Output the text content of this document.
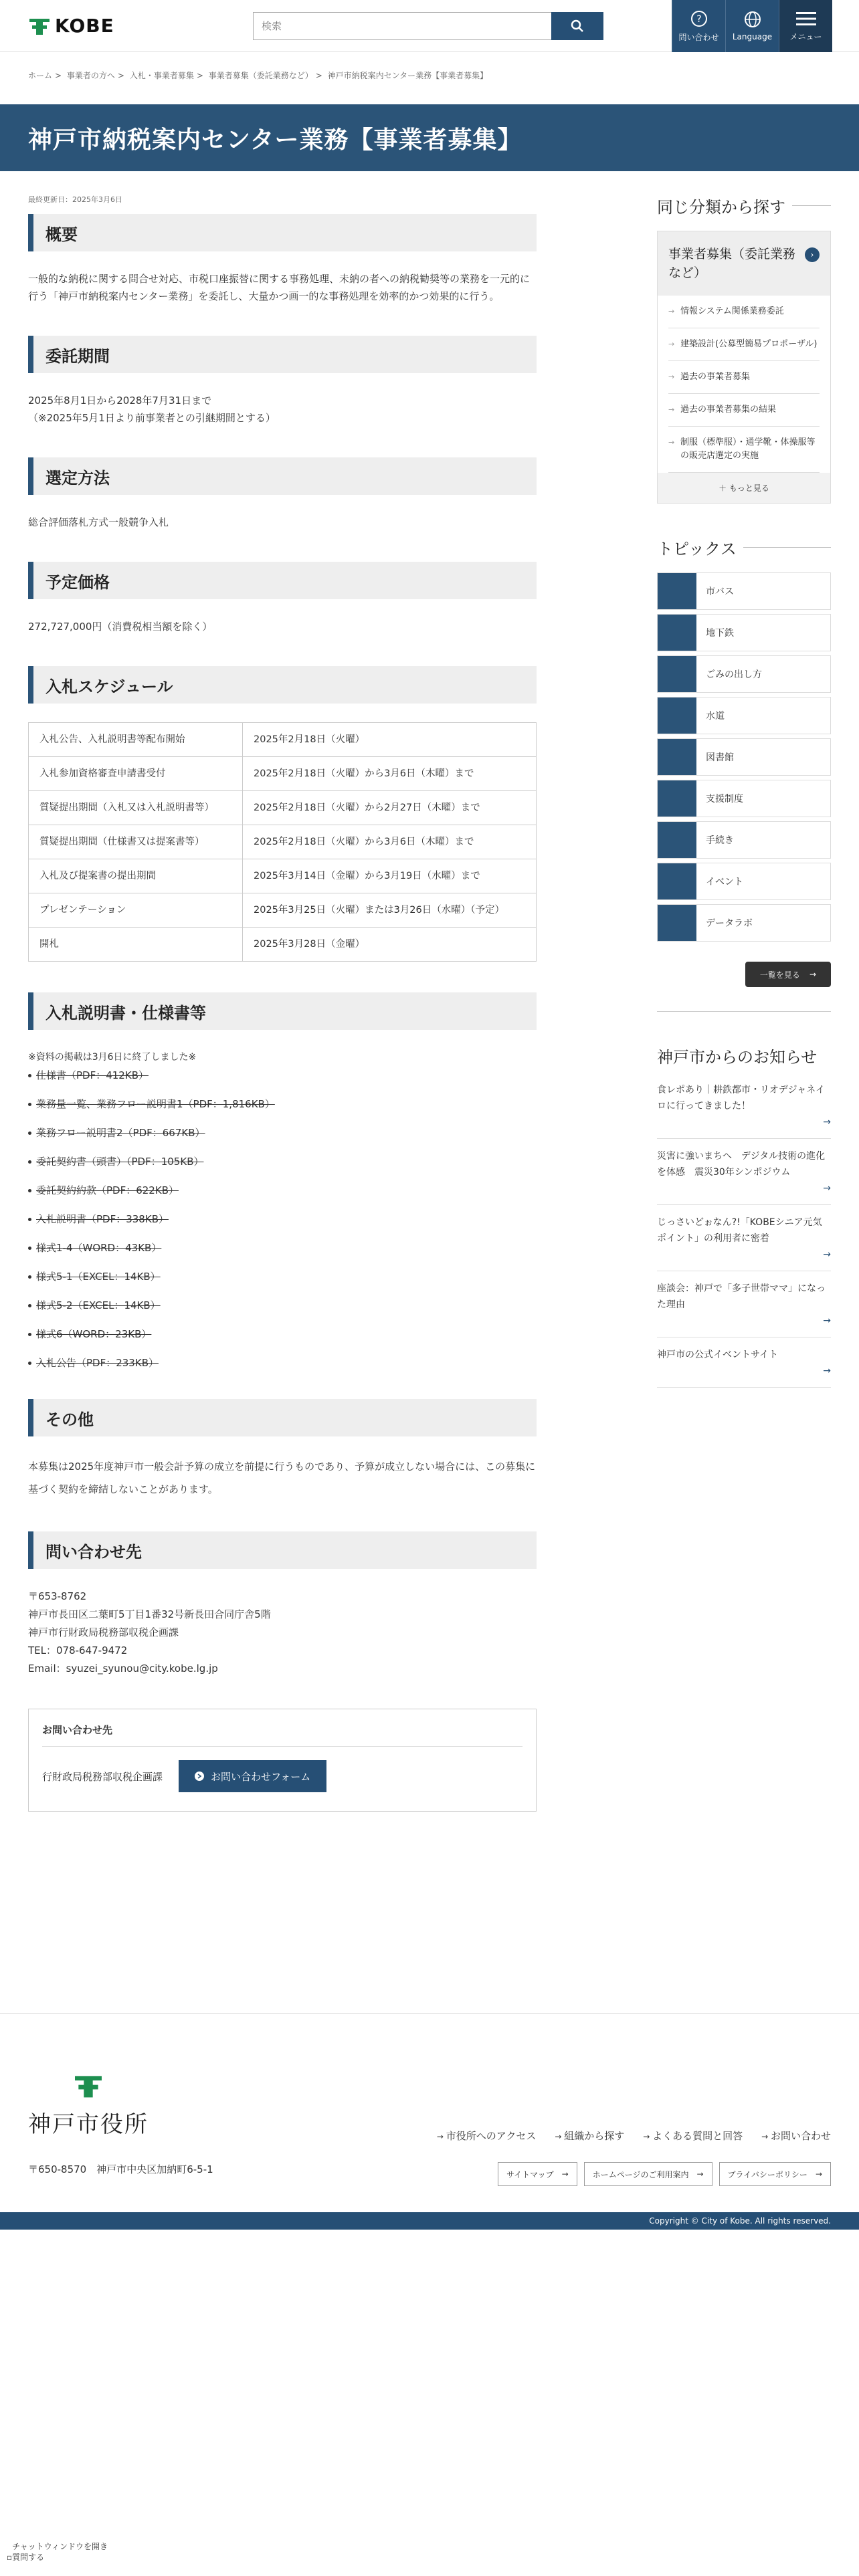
KOBE
検索	?
問い合わせ Language メニュー
ホーム > 事業者の方へ > 入札・事業者募集 > 事業者募集（委託業務など） > 神戸市納税案内センター業務【事業者募集】
神戸市納税案内センター業務【事業者募集】

最終更新日：2025年3月6日

概要

一般的な納税に関する問合せ対応、市税口座振替に関する事務処理、未納の者への納税勧奨等の業務を一元的に行う「神戸市納税案内センター業務」を委託し、大量かつ画一的な事務処理を効率的かつ効果的に行う。

委託期間

2025年8月1日から2028年7月31日まで

（※2025年5月1日より前事業者との引継期間とする）

選定方法

総合評価落札方式一般競争入札

予定価格

272,727,000円（消費税相当額を除く）

入札スケジュール
入札公告、入札説明書等配布開始	2025年2月18日（火曜）
入札参加資格審査申請書受付	2025年2月18日（火曜）から3月6日（木曜）まで
質疑提出期間（入札又は入札説明書等）	2025年2月18日（火曜）から2月27日（木曜）まで
質疑提出期間（仕様書又は提案書等）	2025年2月18日（火曜）から3月6日（木曜）まで
入札及び提案書の提出期間	2025年3月14日（金曜）から3月19日（水曜）まで
プレゼンテーション	2025年3月25日（火曜）または3月26日（水曜）（予定）
開札	2025年3月28日（金曜）
入札説明書・仕様書等

※資料の掲載は3月6日に終了しました※

仕様書（PDF：412KB）
業務量一覧、業務フロー説明書1（PDF：1,816KB）
業務フロー説明書2（PDF：667KB）
委託契約書（頭書）（PDF：105KB）
委託契約約款（PDF：622KB）
入札説明書（PDF：338KB）
様式1-4（WORD：43KB）
様式5-1（EXCEL：14KB）
様式5-2（EXCEL：14KB）
様式6（WORD：23KB）
入札公告（PDF：233KB）
その他

本募集は2025年度神戸市一般会計予算の成立を前提に行うものであり、予算が成立しない場合には、この募集に基づく契約を締結しないことがあります。

問い合わせ先
〒653-8762
神戸市長田区二葉町5丁目1番32号新長田合同庁舎5階
神戸市行財政局税務部収税企画課
TEL：078-647-9472
Email：syuzei_syunou@city.kobe.lg.jp
お問い合わせ先
行財政局税務部収税企画課	お問い合わせフォーム
同じ分類から探す
事業者募集（委託業務など）
›
→ 情報システム関係業務委託
→ 建築設計(公募型簡易プロポーザル)
→ 過去の事業者募集
→ 過去の事業者募集の結果
→ 制服（標準服）・通学靴・体操服等の販売店選定の実施
＋ もっと見る
トピックス
市バス
地下鉄
ごみの出し方
水道
図書館
支援制度
手続き
イベント
データラボ
一覧を見る →
神戸市からのお知らせ
食レポあり｜耕鉄都市・リオデジャネイロに行ってきました！
→
災害に強いまちへ　デジタル技術の進化を体感　震災30年シンポジウム
→
じっさいどぉなん?!「KOBEシニア元気ポイント」の利用者に密着
→
座談会：神戸で「多子世帯ママ」になった理由
→
神戸市の公式イベントサイト
→
神戸市役所
〒650-8570　神戸市中央区加納町6-5-1
→ 市役所へのアクセス	→ 組織から探す	→ よくある質問と回答	→ お問い合わせ
サイトマップ →	ホームページのご利用案内 →	プライバシーポリシー →
Copyright © City of Kobe. All rights reserved.
▫チャットウィンドウを開き質問する
